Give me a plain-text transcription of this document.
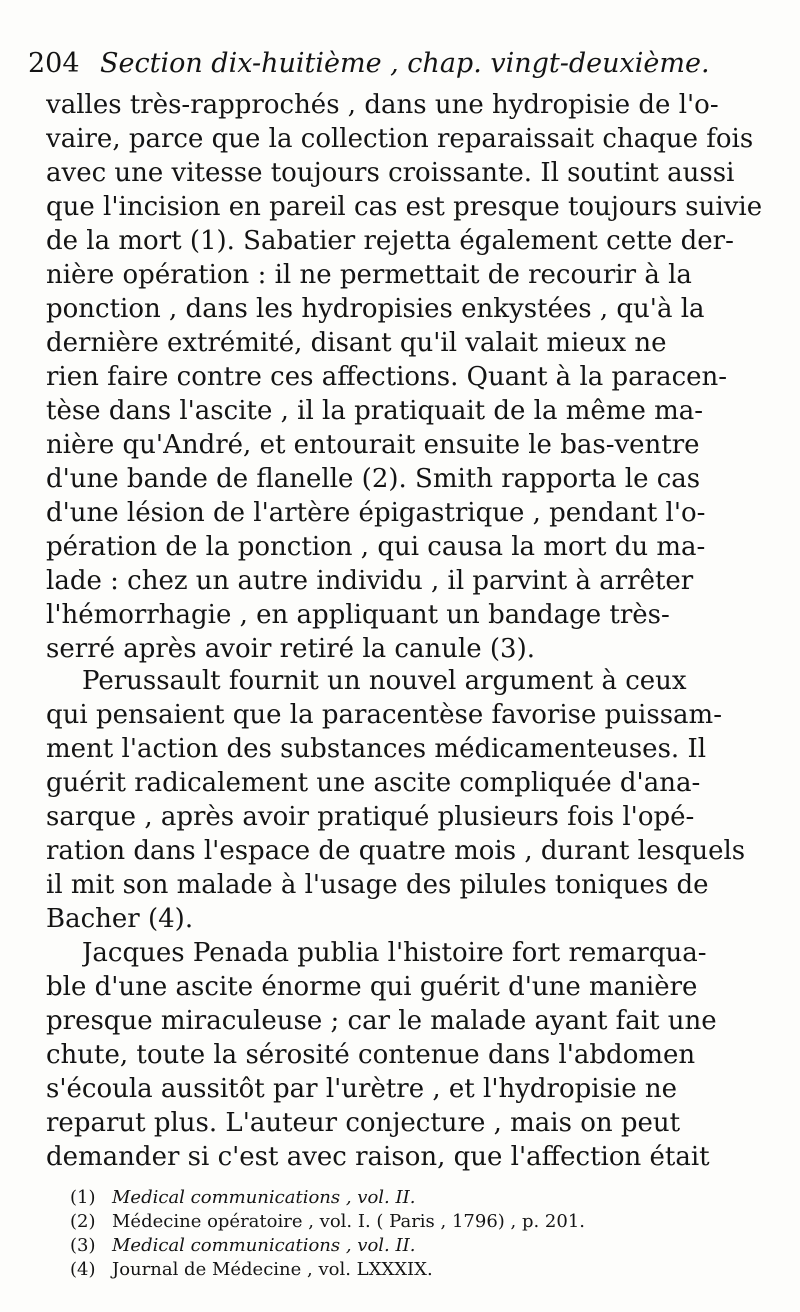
204 Section dix-huitième , chap. vingt-deuxième.
valles très-rapprochés , dans une hydropisie de l'o-
vaire, parce que la collection reparaissait chaque fois
avec une vitesse toujours croissante. Il soutint aussi
que l'incision en pareil cas est presque toujours suivie
de la mort (1). Sabatier rejetta également cette der-
nière opération : il ne permettait de recourir à la
ponction , dans les hydropisies enkystées , qu'à la
dernière extrémité, disant qu'il valait mieux ne
rien faire contre ces affections. Quant à la paracen-
tèse dans l'ascite , il la pratiquait de la même ma-
nière qu'André, et entourait ensuite le bas-ventre
d'une bande de flanelle (2). Smith rapporta le cas
d'une lésion de l'artère épigastrique , pendant l'o-
pération de la ponction , qui causa la mort du ma-
lade : chez un autre individu , il parvint à arrêter
l'hémorrhagie , en appliquant un bandage très-
serré après avoir retiré la canule (3).
Perussault fournit un nouvel argument à ceux
qui pensaient que la paracentèse favorise puissam-
ment l'action des substances médicamenteuses. Il
guérit radicalement une ascite compliquée d'ana-
sarque , après avoir pratiqué plusieurs fois l'opé-
ration dans l'espace de quatre mois , durant lesquels
il mit son malade à l'usage des pilules toniques de
Bacher (4).
Jacques Penada publia l'histoire fort remarqua-
ble d'une ascite énorme qui guérit d'une manière
presque miraculeuse ; car le malade ayant fait une
chute, toute la sérosité contenue dans l'abdomen
s'écoula aussitôt par l'urètre , et l'hydropisie ne
reparut plus. L'auteur conjecture , mais on peut
demander si c'est avec raison, que l'affection était
(1) Medical communications , vol. II.
(2) Médecine opératoire , vol. I. ( Paris , 1796) , p. 201.
(3) Medical communications , vol. II.
(4) Journal de Médecine , vol. LXXXIX.
